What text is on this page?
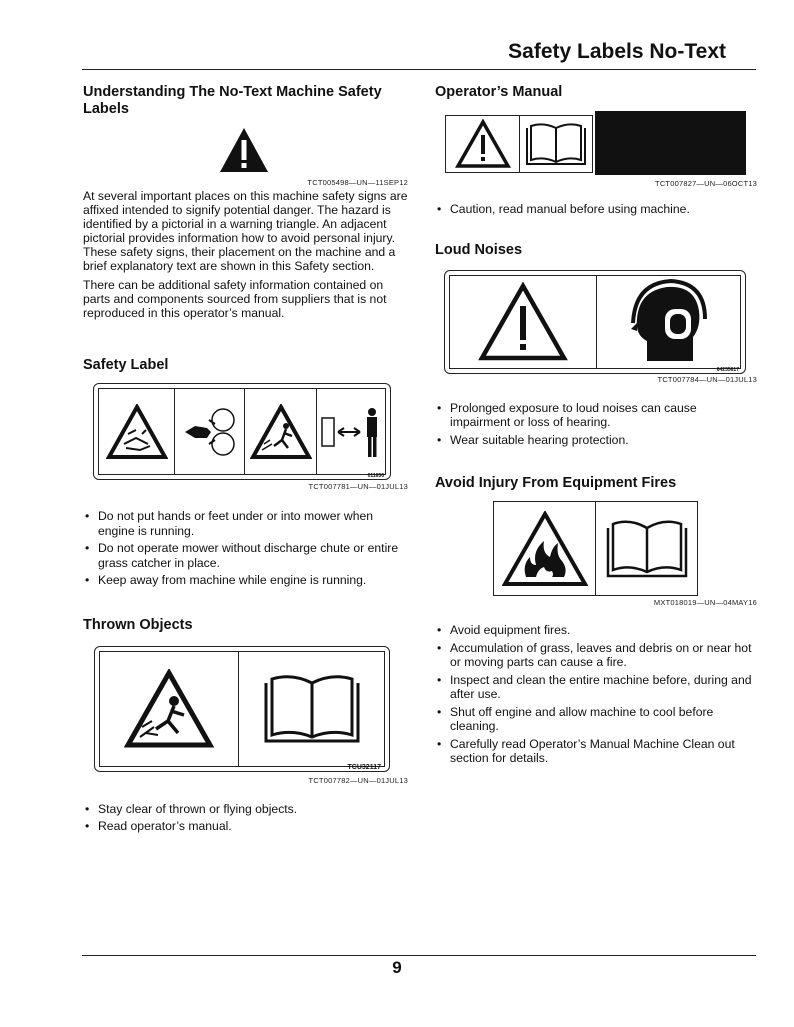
Safety Labels No-Text
Understanding The No-Text Machine Safety Labels
TCT005498—UN—11SEP12

At several important places on this machine safety signs are affixed intended to signify potential danger. The hazard is identified by a pictorial in a warning triangle. An adjacent pictorial provides information how to avoid personal injury. These safety signs, their placement on the machine and a brief explanatory text are shown in this Safety section.

There can be additional safety information contained on parts and components sourced from suppliers that is not reproduced in this operator’s manual.

Safety Label
011656
TCT007781—UN—01JUL13
• Do not put hands or feet under or into mower when engine is running.
• Do not operate mower without discharge chute or entire grass catcher in place.
• Keep away from machine while engine is running.
Thrown Objects
TCU32117
TCT007782—UN—01JUL13
• Stay clear of thrown or flying objects.
• Read operator’s manual.
Operator’s Manual
TCT007827—UN—06OCT13
• Caution, read manual before using machine.
Loud Noises
64235617
TCT007784—UN—01JUL13
• Prolonged exposure to loud noises can cause impairment or loss of hearing.
• Wear suitable hearing protection.
Avoid Injury From Equipment Fires
MXT018019—UN—04MAY16
• Avoid equipment fires.
• Accumulation of grass, leaves and debris on or near hot or moving parts can cause a fire.
• Inspect and clean the entire machine before, during and after use.
• Shut off engine and allow machine to cool before cleaning.
• Carefully read Operator’s Manual Machine Clean out section for details.
9
